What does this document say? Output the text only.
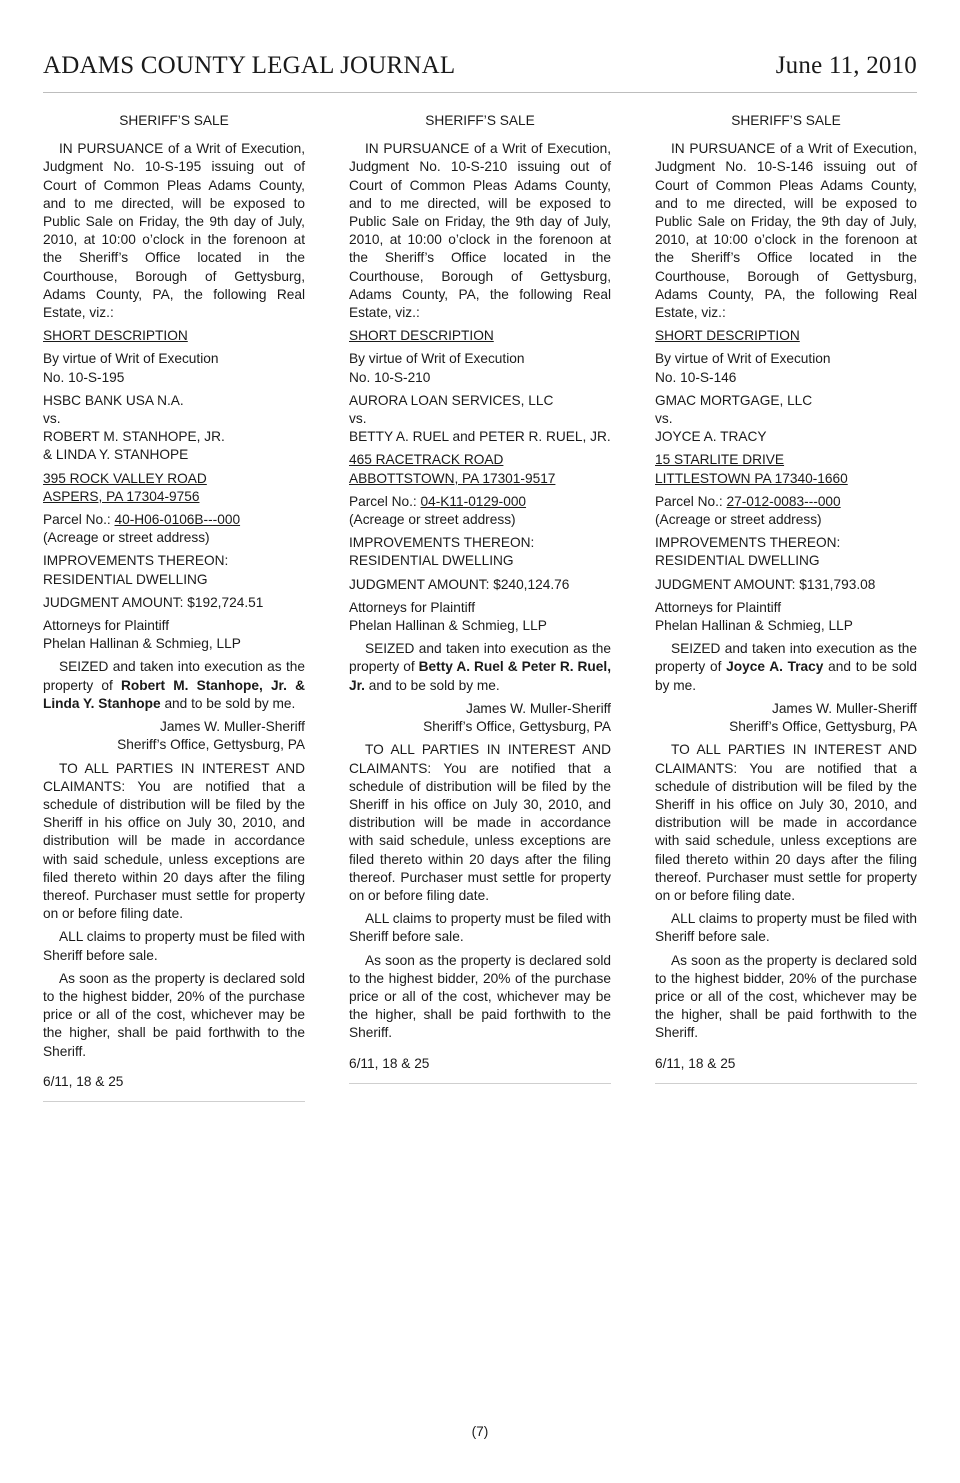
ADAMS COUNTY LEGAL JOURNAL	June 11, 2010
SHERIFF’S SALE
IN PURSUANCE of a Writ of Execution, Judgment No. 10-S-195 issuing out of Court of Common Pleas Adams County, and to me directed, will be exposed to Public Sale on Friday, the 9th day of July, 2010, at 10:00 o’clock in the forenoon at the Sheriff’s Office located in the Courthouse, Borough of Gettysburg, Adams County, PA, the following Real Estate, viz.:
SHORT DESCRIPTION
By virtue of Writ of Execution
No. 10-S-195
HSBC BANK USA N.A.
vs.
ROBERT M. STANHOPE, JR.
& LINDA Y. STANHOPE
395 ROCK VALLEY ROAD
ASPERS, PA 17304-9756
Parcel No.: 40-H06-0106B---000
(Acreage or street address)
IMPROVEMENTS THEREON:
RESIDENTIAL DWELLING
JUDGMENT AMOUNT: $192,724.51
Attorneys for Plaintiff
Phelan Hallinan & Schmieg, LLP
SEIZED and taken into execution as the property of Robert M. Stanhope, Jr. & Linda Y. Stanhope and to be sold by me.
James W. Muller-Sheriff
Sheriff’s Office, Gettysburg, PA
TO ALL PARTIES IN INTEREST AND CLAIMANTS: You are notified that a schedule of distribution will be filed by the Sheriff in his office on July 30, 2010, and distribution will be made in accordance with said schedule, unless exceptions are filed thereto within 20 days after the filing thereof. Purchaser must settle for property on or before filing date.
ALL claims to property must be filed with Sheriff before sale.
As soon as the property is declared sold to the highest bidder, 20% of the purchase price or all of the cost, whichever may be the higher, shall be paid forthwith to the Sheriff.
6/11, 18 & 25
SHERIFF’S SALE
IN PURSUANCE of a Writ of Execution, Judgment No. 10-S-210 issuing out of Court of Common Pleas Adams County, and to me directed, will be exposed to Public Sale on Friday, the 9th day of July, 2010, at 10:00 o’clock in the forenoon at the Sheriff’s Office located in the Courthouse, Borough of Gettysburg, Adams County, PA, the following Real Estate, viz.:
SHORT DESCRIPTION
By virtue of Writ of Execution
No. 10-S-210
AURORA LOAN SERVICES, LLC
vs.
BETTY A. RUEL and PETER R. RUEL, JR.
465 RACETRACK ROAD
ABBOTTSTOWN, PA 17301-9517
Parcel No.: 04-K11-0129-000
(Acreage or street address)
IMPROVEMENTS THEREON:
RESIDENTIAL DWELLING
JUDGMENT AMOUNT: $240,124.76
Attorneys for Plaintiff
Phelan Hallinan & Schmieg, LLP
SEIZED and taken into execution as the property of Betty A. Ruel & Peter R. Ruel, Jr. and to be sold by me.
James W. Muller-Sheriff
Sheriff’s Office, Gettysburg, PA
TO ALL PARTIES IN INTEREST AND CLAIMANTS: You are notified that a schedule of distribution will be filed by the Sheriff in his office on July 30, 2010, and distribution will be made in accordance with said schedule, unless exceptions are filed thereto within 20 days after the filing thereof. Purchaser must settle for property on or before filing date.
ALL claims to property must be filed with Sheriff before sale.
As soon as the property is declared sold to the highest bidder, 20% of the purchase price or all of the cost, whichever may be the higher, shall be paid forthwith to the Sheriff.
6/11, 18 & 25
SHERIFF’S SALE
IN PURSUANCE of a Writ of Execution, Judgment No. 10-S-146 issuing out of Court of Common Pleas Adams County, and to me directed, will be exposed to Public Sale on Friday, the 9th day of July, 2010, at 10:00 o’clock in the forenoon at the Sheriff’s Office located in the Courthouse, Borough of Gettysburg, Adams County, PA, the following Real Estate, viz.:
SHORT DESCRIPTION
By virtue of Writ of Execution
No. 10-S-146
GMAC MORTGAGE, LLC
vs.
JOYCE A. TRACY
15 STARLITE DRIVE
LITTLESTOWN PA 17340-1660
Parcel No.: 27-012-0083---000
(Acreage or street address)
IMPROVEMENTS THEREON:
RESIDENTIAL DWELLING
JUDGMENT AMOUNT: $131,793.08
Attorneys for Plaintiff
Phelan Hallinan & Schmieg, LLP
SEIZED and taken into execution as the property of Joyce A. Tracy and to be sold by me.
James W. Muller-Sheriff
Sheriff’s Office, Gettysburg, PA
TO ALL PARTIES IN INTEREST AND CLAIMANTS: You are notified that a schedule of distribution will be filed by the Sheriff in his office on July 30, 2010, and distribution will be made in accordance with said schedule, unless exceptions are filed thereto within 20 days after the filing thereof. Purchaser must settle for property on or before filing date.
ALL claims to property must be filed with Sheriff before sale.
As soon as the property is declared sold to the highest bidder, 20% of the purchase price or all of the cost, whichever may be the higher, shall be paid forthwith to the Sheriff.
6/11, 18 & 25
(7)
